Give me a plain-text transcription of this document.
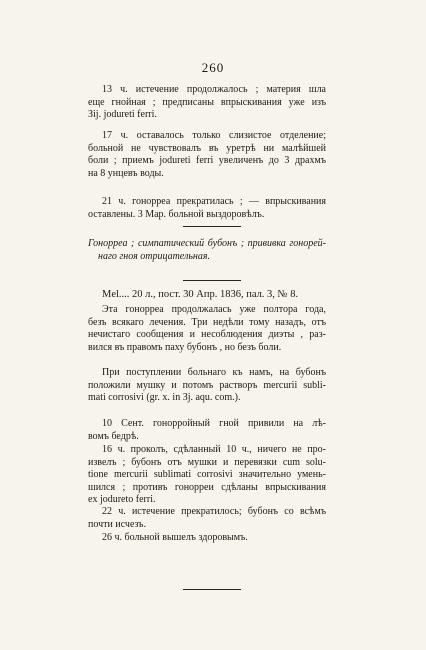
260
13 ч. истечение продолжалось ; материя шла
еще гнойная ; предписаны впрыскивания уже изъ
Зij. jodureti ferri.
17 ч. оставалось только слизистое отделение;
больной не чувствовалъ въ уретрѣ ни малѣйшей
боли ; приемъ jodureti ferri увеличенъ до 3 драхмъ
на 8 унцевъ воды.
21 ч. гонорреа прекратилась ; — впрыскивания
оставлены. 3 Мар. больной выздоровѣлъ.
Гонорреа ; симпатический бубонъ ; прививка гонорей-
наго гноя отрицательная.
Mel.... 20 л., пост. 30 Апр. 1836, пал. 3, № 8.
Эта гонорреа продолжалась уже полтора года,
безъ всякаго лечения. Три недѣли тому назадъ, отъ
нечистаго сообщения и несоблюдения диэты , раз-
вился въ правомъ паху бубонъ , но безъ боли.
При поступлении больнаго къ намъ, на бубонъ
положили мушку и потомъ растворъ mercurii subli-
mati corrosivi (gr. x. in Зj. aqu. com.).
10 Сент. гонорройный гной привили на лѣ-
вомъ бедрѣ.
16 ч. проколъ, сдѣланный 10 ч., ничего не про-
извелъ ; бубонъ отъ мушки и перевязки cum solu-
tione mercurii sublimati corrosivi значительно умень-
шился ; противъ гонорреи сдѣланы впрыскивания
ex jodureto ferri.
22 ч. истечение прекратилось; бубонъ со всѣмъ
почти исчезъ.
26 ч. больной вышелъ здоровымъ.
